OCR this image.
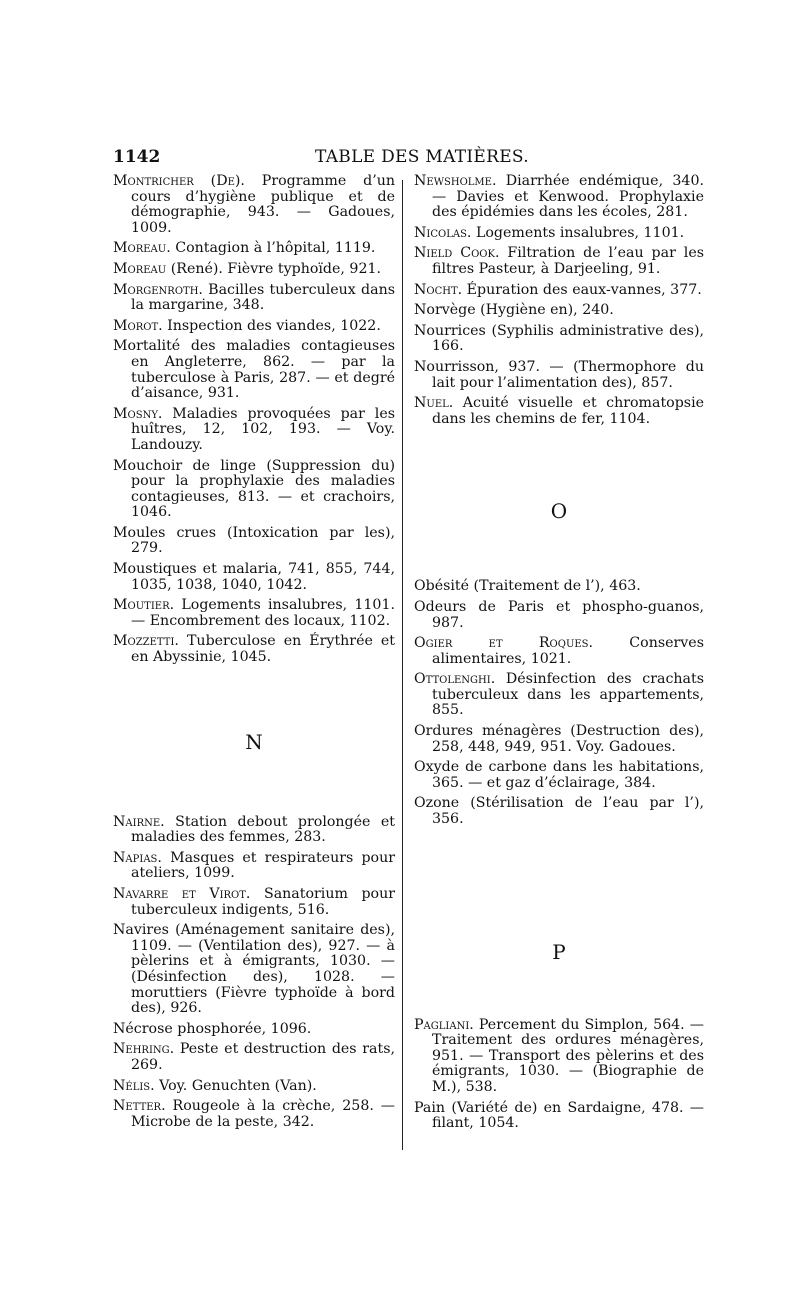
1142	TABLE DES MATIÈRES.

Montricher (De). Programme d’un cours d’hygiène publique et de démographie, 943. — Gadoues, 1009.

Moreau. Contagion à l’hôpital, 1119.

Moreau (René). Fièvre typhoïde, 921.

Morgenroth. Bacilles tuberculeux dans la margarine, 348.

Morot. Inspection des viandes, 1022.

Mortalité des maladies contagieuses en Angleterre, 862. — par la tuberculose à Paris, 287. — et degré d’aisance, 931.

Mosny. Maladies provoquées par les huîtres, 12, 102, 193. — Voy. Landouzy.

Mouchoir de linge (Suppression du) pour la prophylaxie des maladies contagieuses, 813. — et crachoirs, 1046.

Moules crues (Intoxication par les), 279.

Moustiques et malaria, 741, 855, 744, 1035, 1038, 1040, 1042.

Moutier. Logements insalubres, 1101. — Encombrement des locaux, 1102.

Mozzetti. Tuberculose en Érythrée et en Abyssinie, 1045.

N

Nairne. Station debout prolongée et maladies des femmes, 283.

Napias. Masques et respirateurs pour ateliers, 1099.

Navarre et Virot. Sanatorium pour tuberculeux indigents, 516.

Navires (Aménagement sanitaire des), 1109. — (Ventilation des), 927. — à pèlerins et à émigrants, 1030. — (Désinfection des), 1028. — moruttiers (Fièvre typhoïde à bord des), 926.

Nécrose phosphorée, 1096.

Nehring. Peste et destruction des rats, 269.

Nélis. Voy. Genuchten (Van).

Netter. Rougeole à la crèche, 258. — Microbe de la peste, 342.

Newsholme. Diarrhée endémique, 340. — Davies et Kenwood. Prophylaxie des épidémies dans les écoles, 281.

Nicolas. Logements insalubres, 1101.

Nield Cook. Filtration de l’eau par les filtres Pasteur, à Darjeeling, 91.

Nocht. Épuration des eaux-vannes, 377.

Norvège (Hygiène en), 240.

Nourrices (Syphilis administrative des), 166.

Nourrisson, 937. — (Thermophore du lait pour l’alimentation des), 857.

Nuel. Acuité visuelle et chromatopsie dans les chemins de fer, 1104.

O

Obésité (Traitement de l’), 463.

Odeurs de Paris et phospho-guanos, 987.

Ogier et Roques. Conserves alimentaires, 1021.

Ottolenghi. Désinfection des crachats tuberculeux dans les appartements, 855.

Ordures ménagères (Destruction des), 258, 448, 949, 951. Voy. Gadoues.

Oxyde de carbone dans les habitations, 365. — et gaz d’éclairage, 384.

Ozone (Stérilisation de l’eau par l’), 356.

P

Pagliani. Percement du Simplon, 564. — Traitement des ordures ménagères, 951. — Transport des pèlerins et des émigrants, 1030. — (Biographie de M.), 538.

Pain (Variété de) en Sardaigne, 478. — filant, 1054.
